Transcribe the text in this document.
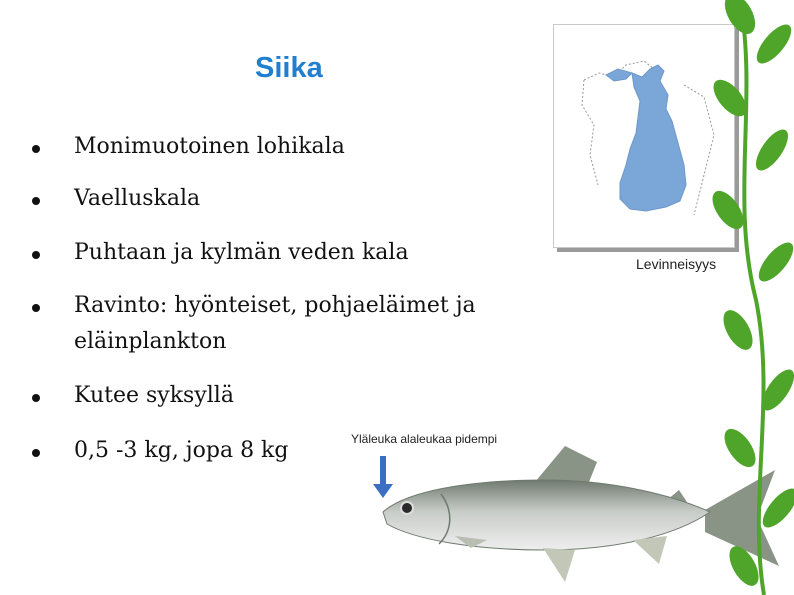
Siika
Monimuotoinen lohikala
Vaelluskala
Puhtaan ja kylmän veden kala
Ravinto: hyönteiset, pohjaeläimet ja eläinplankton
Kutee syksyllä
0,5 -3 kg, jopa 8 kg
Levinneisyys
Yläleuka alaleukaa pidempi
